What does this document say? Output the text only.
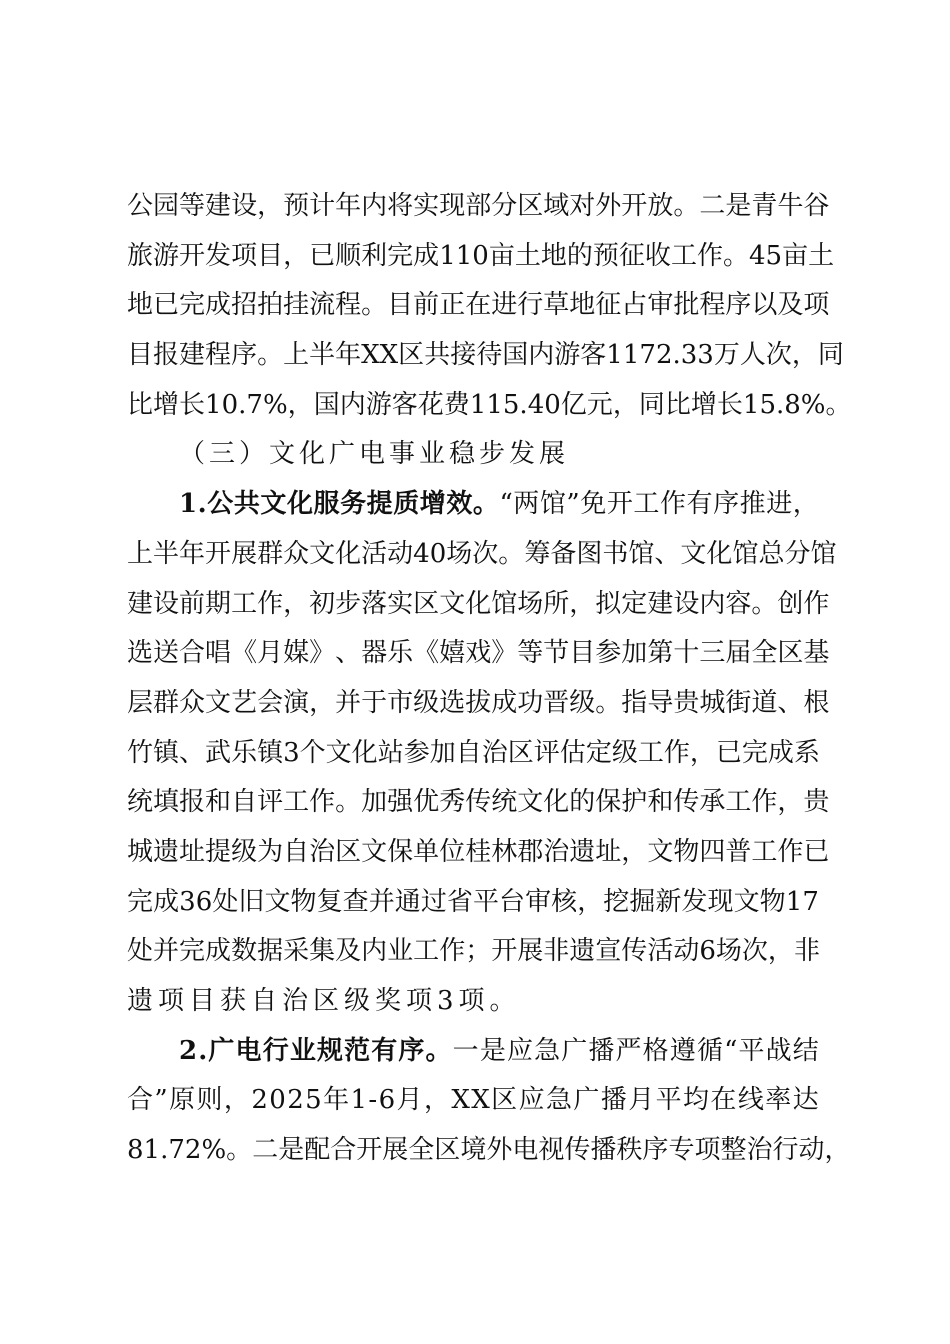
公 园 等 建 设 ， 预 计 年 内 将 实 现 部 分 区 域 对 外 开 放 。 二 是 青 牛 谷
旅 游 开 发 项 目 ， 已 顺 利 完 成 1 1 0 亩 土 地 的 预 征 收 工 作 。 4 5 亩 土
地 已 完 成 招 拍 挂 流 程 。 目 前 正 在 进 行 草 地 征 占 审 批 程 序 以 及 项
目 报 建 程 序 。 上 半 年 X X 区 共 接 待 国 内 游 客 1 1 7 2 . 3 3 万 人 次 ， 同
比 增 长 1 0 . 7 % ， 国 内 游 客 花 费 1 1 5 . 4 0 亿 元 ， 同 比 增 长 1 5 . 8 % 。
（三）文化广电事业稳步发展
1 . 公 共 文 化 服 务 提 质 增 效 。 “ 两 馆 ” 免 开 工 作 有 序 推 进 ，
上 半 年 开 展 群 众 文 化 活 动 4 0 场 次 。 筹 备 图 书 馆 、 文 化 馆 总 分 馆
建 设 前 期 工 作 ， 初 步 落 实 区 文 化 馆 场 所 ， 拟 定 建 设 内 容 。 创 作
选 送 合 唱 《 月 媒 》 、 器 乐 《 嬉 戏 》 等 节 目 参 加 第 十 三 届 全 区 基
层 群 众 文 艺 会 演 ， 并 于 市 级 选 拔 成 功 晋 级 。 指 导 贵 城 街 道 、 根
竹 镇 、 武 乐 镇 3 个 文 化 站 参 加 自 治 区 评 估 定 级 工 作 ， 已 完 成 系
统 填 报 和 自 评 工 作 。 加 强 优 秀 传 统 文 化 的 保 护 和 传 承 工 作 ， 贵
城 遗 址 提 级 为 自 治 区 文 保 单 位 桂 林 郡 治 遗 址 ， 文 物 四 普 工 作 已
完 成 3 6 处 旧 文 物 复 查 并 通 过 省 平 台 审 核 ， 挖 掘 新 发 现 文 物 1 7
处 并 完 成 数 据 采 集 及 内 业 工 作 ； 开 展 非 遗 宣 传 活 动 6 场 次 ， 非
遗项目获自治区级奖项3项。
2 . 广 电 行 业 规 范 有 序 。 一 是 应 急 广 播 严 格 遵 循 “ 平 战 结
合 ” 原 则 ， 2 0 2 5 年 1 - 6 月 ， X X 区 应 急 广 播 月 平 均 在 线 率 达
8 1 . 7 2 % 。 二 是 配 合 开 展 全 区 境 外 电 视 传 播 秩 序 专 项 整 治 行 动 ，
